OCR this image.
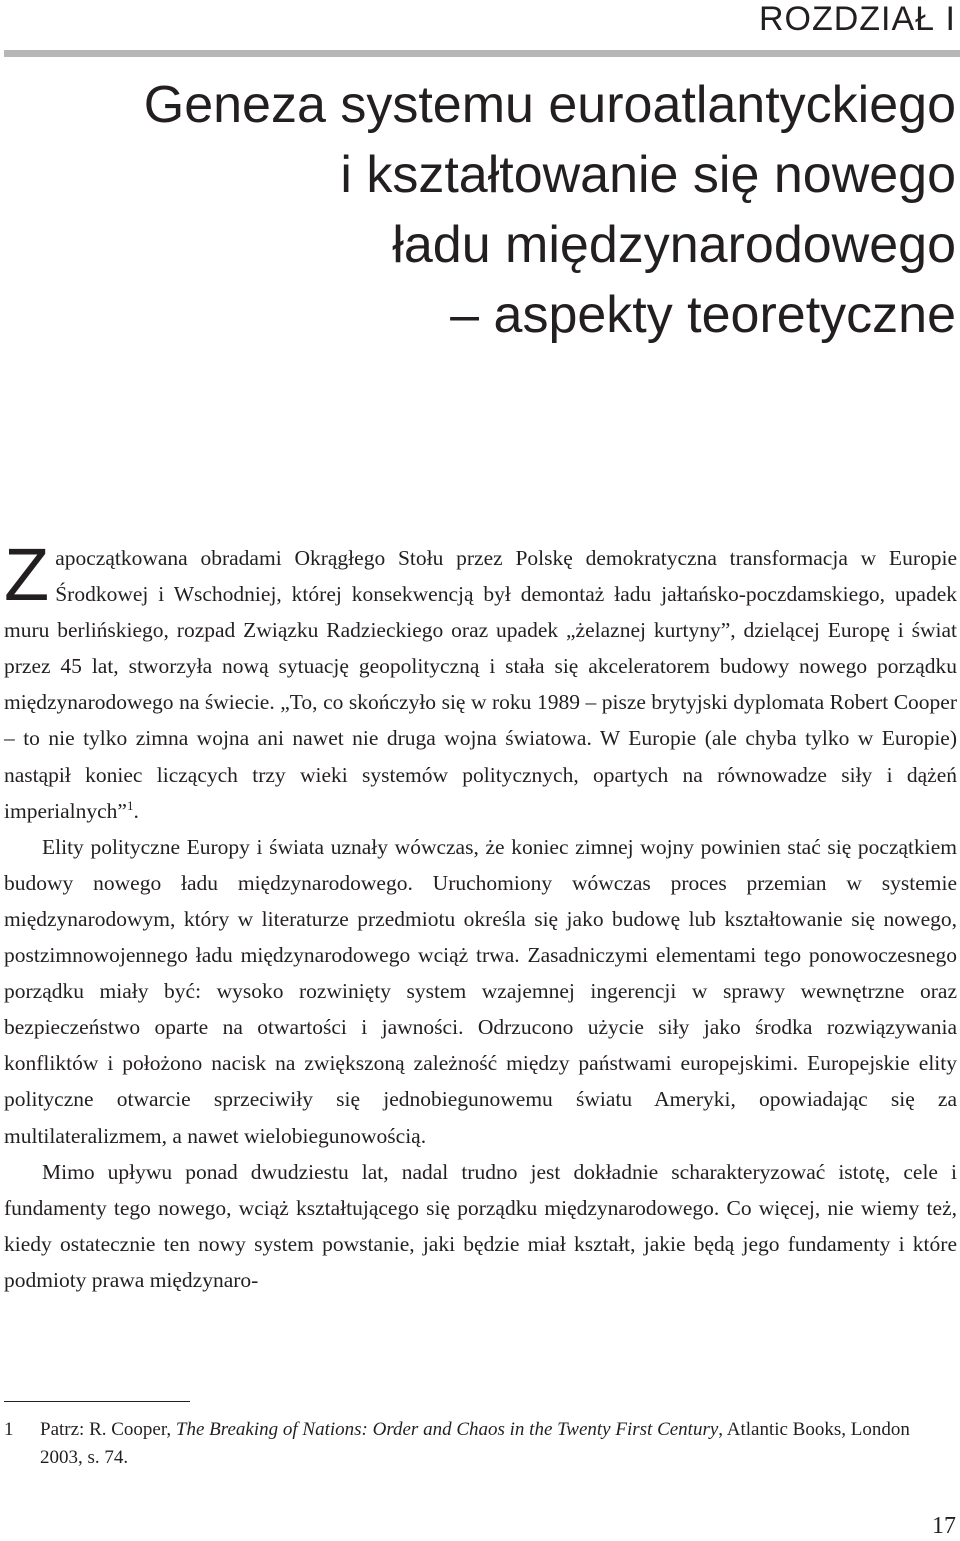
ROZDZIAŁ I
Geneza systemu euroatlantyckiego
i kształtowanie się nowego
ładu międzynarodowego
– aspekty teoretyczne

Zapoczątkowana obradami Okrągłego Stołu przez Polskę demokratyczna transformacja w Europie Środkowej i Wschodniej, której konsekwencją był demontaż ładu jałtańsko-poczdamskiego, upadek muru berlińskiego, rozpad Związku Radzieckiego oraz upadek „żelaznej kurtyny”, dzielącej Europę i świat przez 45 lat, stworzyła nową sytuację geopolityczną i stała się akceleratorem budowy nowego porządku międzynarodowego na świecie. „To, co skończyło się w roku 1989 – pisze brytyjski dyplomata Robert Cooper – to nie tylko zimna wojna ani nawet nie druga wojna światowa. W Europie (ale chyba tylko w Europie) nastąpił koniec liczących trzy wieki systemów politycznych, opartych na równowadze siły i dążeń imperialnych”$^1$.

Elity polityczne Europy i świata uznały wówczas, że koniec zimnej wojny powinien stać się początkiem budowy nowego ładu międzynarodowego. Uruchomiony wówczas proces przemian w systemie międzynarodowym, który w literaturze przedmiotu określa się jako budowę lub kształtowanie się nowego, postzimnowojennego ładu międzynarodowego wciąż trwa. Zasadniczymi elementami tego ponowoczesnego porządku miały być: wysoko rozwinięty system wzajemnej ingerencji w sprawy wewnętrzne oraz bezpieczeństwo oparte na otwartości i jawności. Odrzucono użycie siły jako środka rozwiązywania konfliktów i położono nacisk na zwiększoną zależność między państwami europejskimi. Europejskie elity polityczne otwarcie sprzeciwiły się jednobiegunowemu światu Ameryki, opowiadając się za multilateralizmem, a nawet wielobiegunowością.

Mimo upływu ponad dwudziestu lat, nadal trudno jest dokładnie scharakteryzować istotę, cele i fundamenty tego nowego, wciąż kształtującego się porządku międzynarodowego. Co więcej, nie wiemy też, kiedy ostatecznie ten nowy system powstanie, jaki będzie miał kształt, jakie będą jego fundamenty i które podmioty prawa międzynaro-

1 Patrz: R. Cooper, The Breaking of Nations: Order and Chaos in the Twenty First Century, Atlantic Books, London 2003, s. 74.
17
